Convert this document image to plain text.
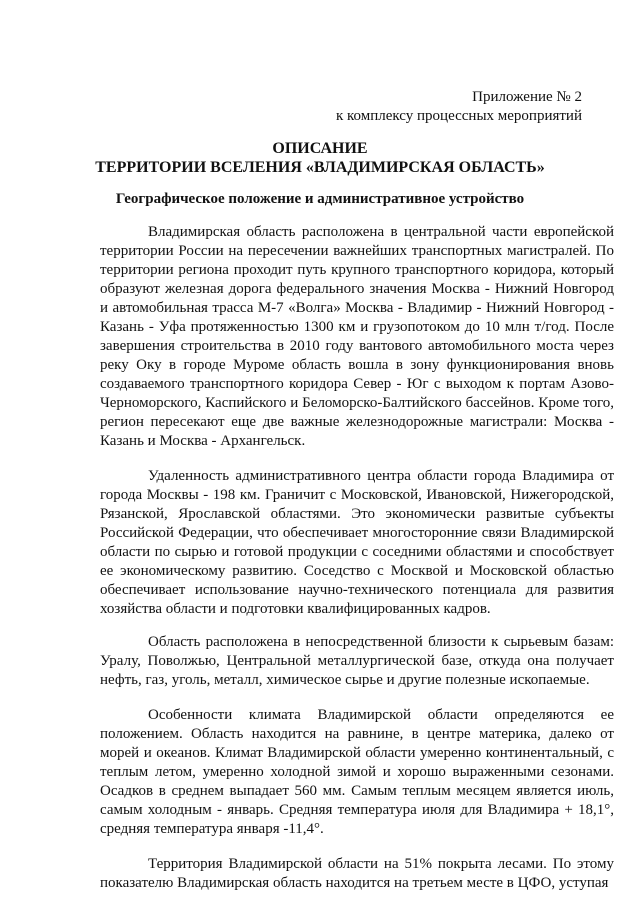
Приложение № 2
к комплексу процессных мероприятий
ОПИСАНИЕ
ТЕРРИТОРИИ ВСЕЛЕНИЯ «ВЛАДИМИРСКАЯ ОБЛАСТЬ»
Географическое положение и административное устройство

Владимирская область расположена в центральной части европейской территории России на пересечении важнейших транспортных магистралей. По территории региона проходит путь крупного транспортного коридора, который образуют железная дорога федерального значения Москва - Нижний Новгород и автомобильная трасса М-7 «Волга» Москва - Владимир - Нижний Новгород - Казань - Уфа протяженностью 1300 км и грузопотоком до 10 млн т/год. После завершения строительства в 2010 году вантового автомобильного моста через реку Оку в городе Муроме область вошла в зону функционирования вновь создаваемого транспортного коридора Север - Юг с выходом к портам Азово-Черноморского, Каспийского и Беломорско-Балтийского бассейнов. Кроме того, регион пересекают еще две важные железнодорожные магистрали: Москва - Казань и Москва - Архангельск.

Удаленность административного центра области города Владимира от города Москвы - 198 км. Граничит с Московской, Ивановской, Нижегородской, Рязанской, Ярославской областями. Это экономически развитые субъекты Российской Федерации, что обеспечивает многосторонние связи Владимирской области по сырью и готовой продукции с соседними областями и способствует ее экономическому развитию. Соседство с Москвой и Московской областью обеспечивает использование научно-технического потенциала для развития хозяйства области и подготовки квалифицированных кадров.

Область расположена в непосредственной близости к сырьевым базам: Уралу, Поволжью, Центральной металлургической базе, откуда она получает нефть, газ, уголь, металл, химическое сырье и другие полезные ископаемые.

Особенности климата Владимирской области определяются ее положением. Область находится на равнине, в центре материка, далеко от морей и океанов. Климат Владимирской области умеренно континентальный, с теплым летом, умеренно холодной зимой и хорошо выраженными сезонами. Осадков в среднем выпадает 560 мм. Самым теплым месяцем является июль, самым холодным - январь. Средняя температура июля для Владимира + 18,1°, средняя температура января -11,4°.

Территория Владимирской области на 51% покрыта лесами. По этому показателю Владимирская область находится на третьем месте в ЦФО, уступая
